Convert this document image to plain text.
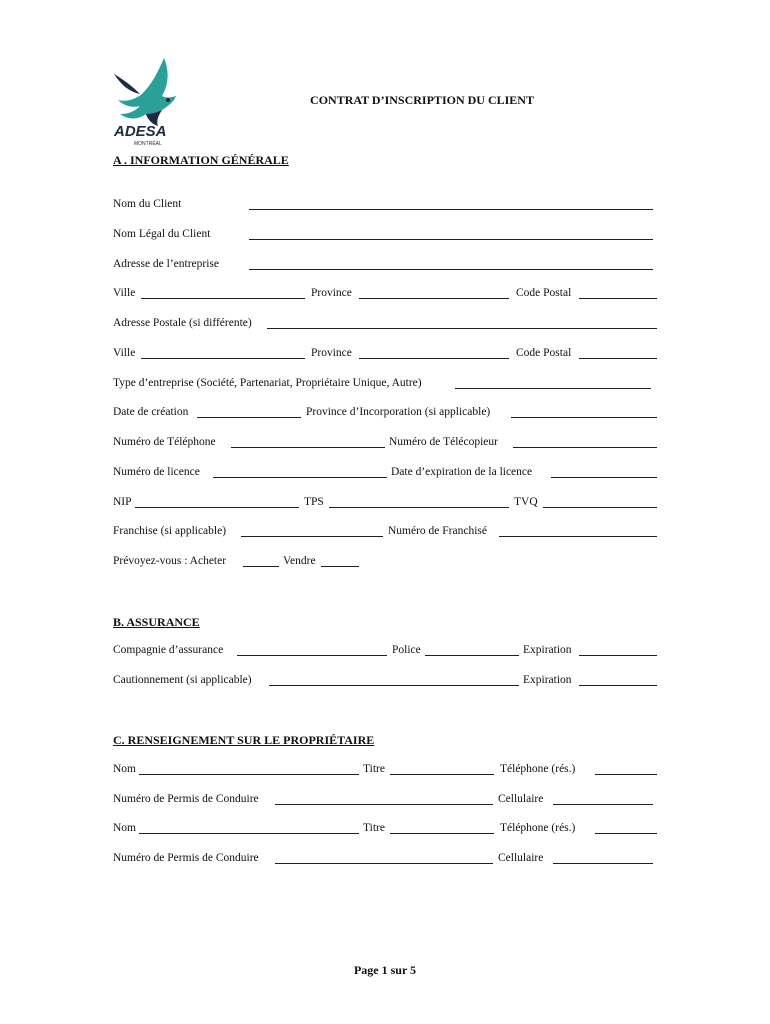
ADESA
MONTRÉAL
CONTRAT D’INSCRIPTION DU CLIENT
A . INFORMATION GÉNÉRALE
Nom du Client
Nom Légal du Client
Adresse de l’entreprise
Ville	Province	Code Postal
Adresse Postale (si différente)
Ville	Province	Code Postal
Type d’entreprise (Société, Partenariat, Propriétaire Unique, Autre)
Date de création	Province d’Incorporation (si applicable)
Numéro de Téléphone	Numéro de Télécopieur
Numéro de licence	Date d’expiration de la licence
NIP	TPS	TVQ
Franchise (si applicable)	Numéro de Franchisé
Prévoyez-vous : Acheter	Vendre
B. ASSURANCE
Compagnie d’assurance	Police	Expiration
Cautionnement (si applicable)	Expiration
C. RENSEIGNEMENT SUR LE PROPRIÉTAIRE
Nom	Titre	Téléphone (rés.)
Numéro de Permis de Conduire	Cellulaire
Nom	Titre	Téléphone (rés.)
Numéro de Permis de Conduire	Cellulaire
Page 1 sur 5
